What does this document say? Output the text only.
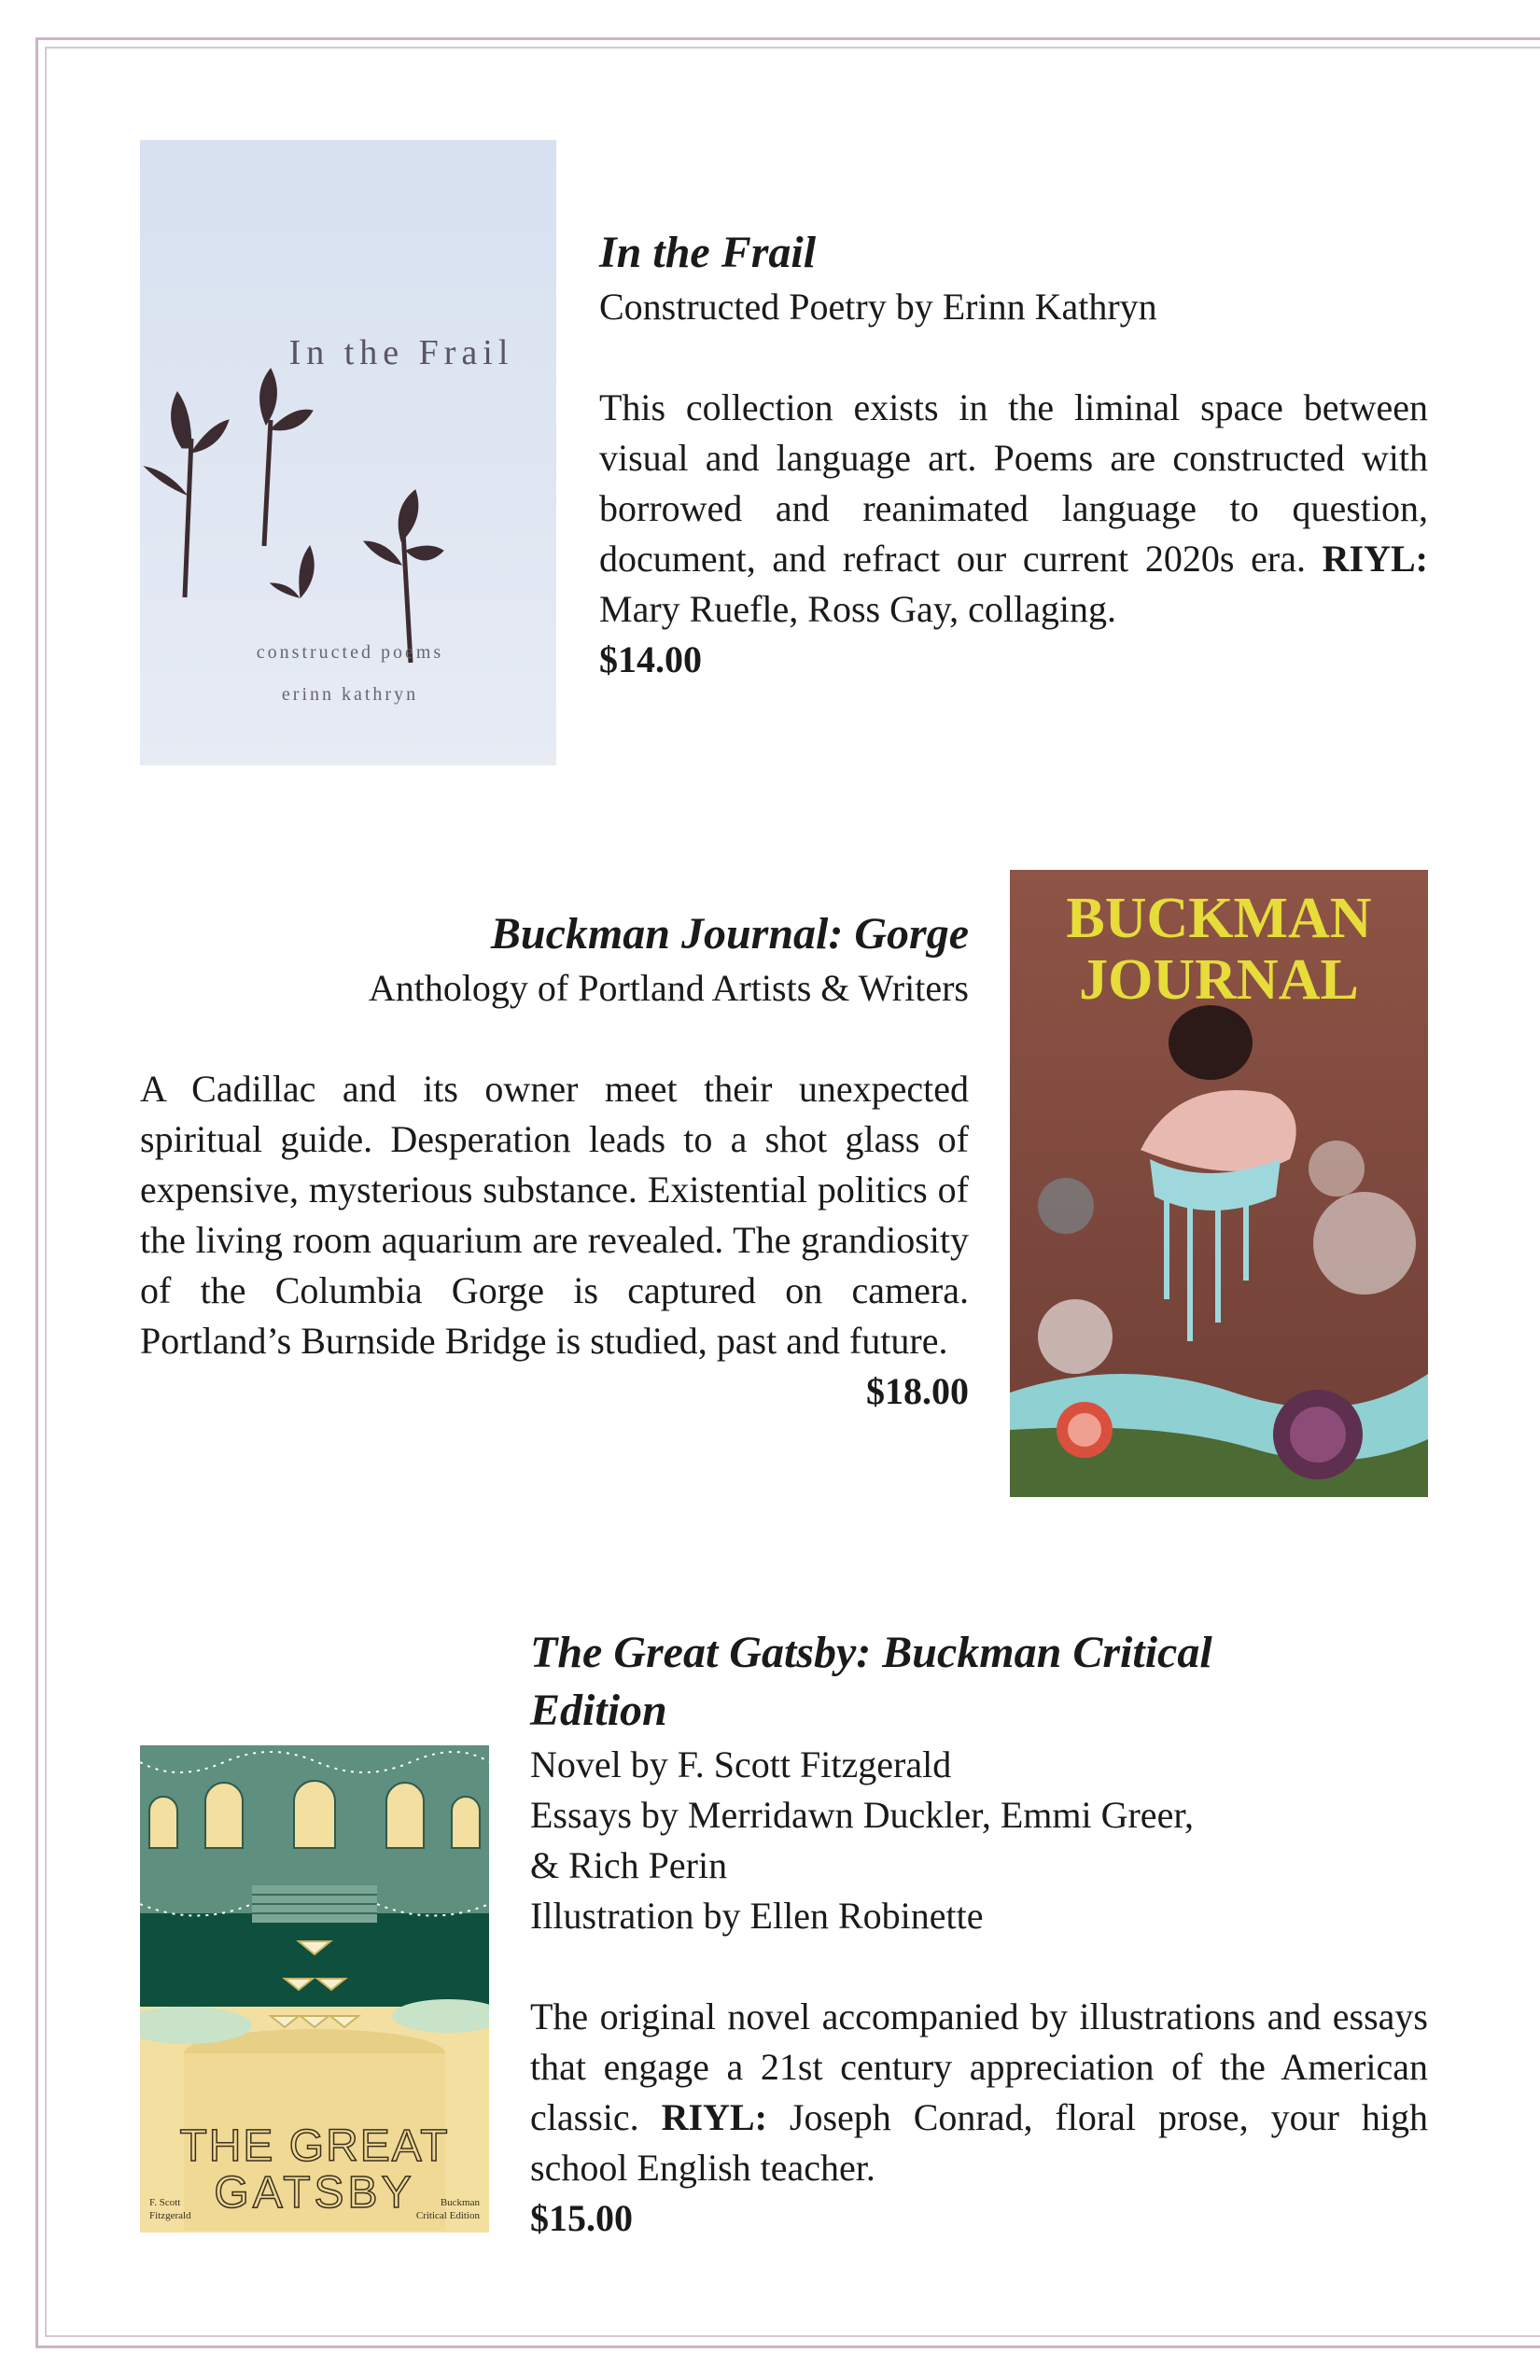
In the Frail
constructed poems
erinn kathryn

In the Frail

Constructed Poetry by Erinn Kathryn

This collection exists in the liminal space between visual and language art. Poems are constructed with borrowed and reanimated language to question, document, and refract our current 2020s era. RIYL: Mary Ruefle, Ross Gay, collaging.

$14.00

Buckman Journal: Gorge

Anthology of Portland Artists & Writers

A Cadillac and its owner meet their unexpected spiritual guide. Desperation leads to a shot glass of expensive, mysterious substance. Existential politics of the living room aquarium are revealed. The grandiosity of the Columbia Gorge is captured on camera. Portland’s Burnside Bridge is studied, past and future.

$18.00

BUCKMAN
JOURNAL
THE GREAT
GATSBY
F. Scott
Fitzgerald
Buckman
Critical Edition

The Great Gatsby: Buckman Critical Edition

Novel by F. Scott Fitzgerald

Essays by Merridawn Duckler, Emmi Greer,

& Rich Perin

Illustration by Ellen Robinette

The original novel accompanied by illustrations and essays that engage a 21st century appreciation of the American classic. RIYL: Joseph Conrad, floral prose, your high school English teacher.

$15.00
